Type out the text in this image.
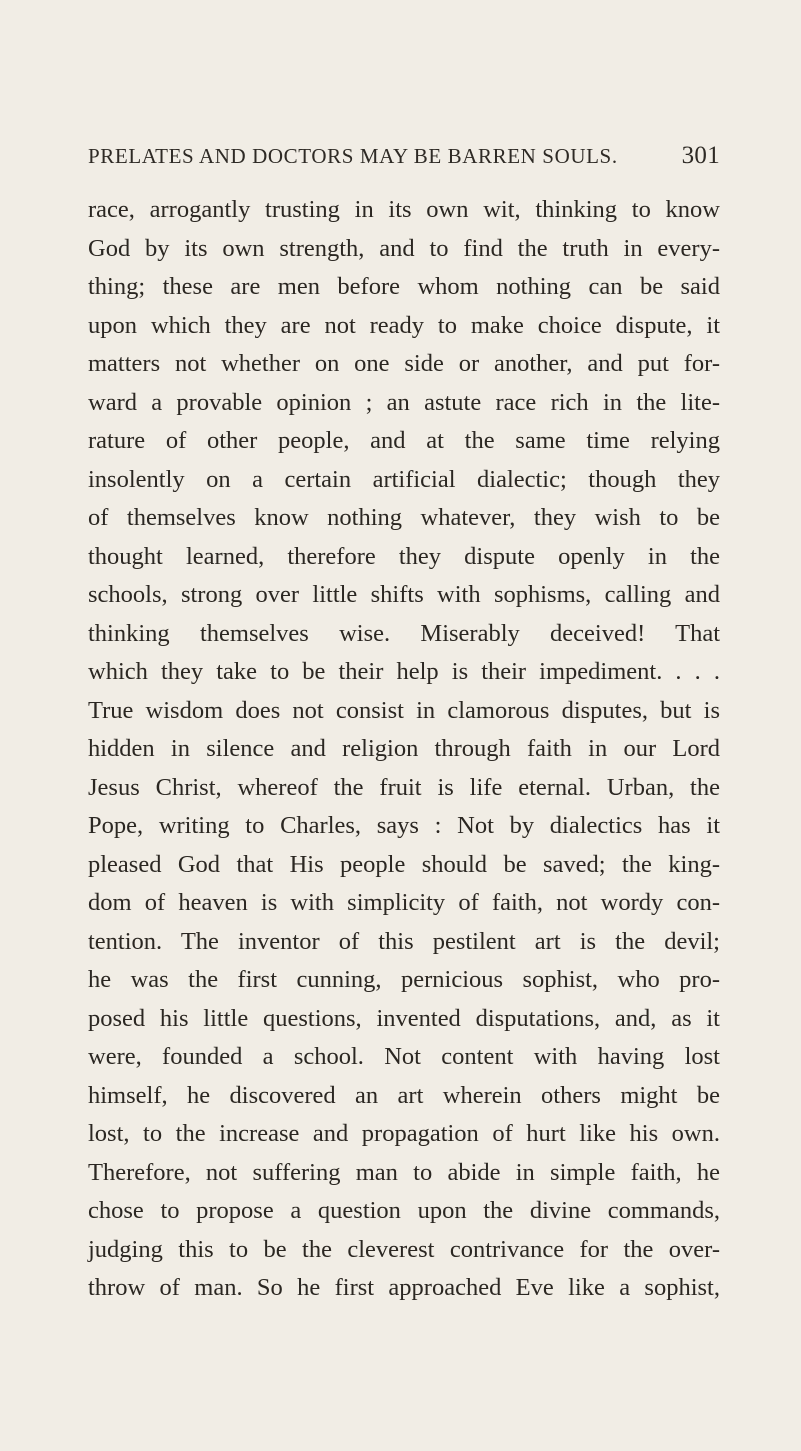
PRELATES AND DOCTORS MAY BE BARREN SOULS.	301
race, arrogantly trusting in its own wit, thinking to know
God by its own strength, and to find the truth in every-
thing; these are men before whom nothing can be said
upon which they are not ready to make choice dispute, it
matters not whether on one side or another, and put for-
ward a provable opinion ; an astute race rich in the lite-
rature of other people, and at the same time relying
insolently on a certain artificial dialectic; though they
of themselves know nothing whatever, they wish to be
thought learned, therefore they dispute openly in the
schools, strong over little shifts with sophisms, calling and
thinking themselves wise. Miserably deceived! That
which they take to be their help is their impediment. . . .
True wisdom does not consist in clamorous disputes, but is
hidden in silence and religion through faith in our Lord
Jesus Christ, whereof the fruit is life eternal. Urban, the
Pope, writing to Charles, says : Not by dialectics has it
pleased God that His people should be saved; the king-
dom of heaven is with simplicity of faith, not wordy con-
tention. The inventor of this pestilent art is the devil;
he was the first cunning, pernicious sophist, who pro-
posed his little questions, invented disputations, and, as it
were, founded a school. Not content with having lost
himself, he discovered an art wherein others might be
lost, to the increase and propagation of hurt like his own.
Therefore, not suffering man to abide in simple faith, he
chose to propose a question upon the divine commands,
judging this to be the cleverest contrivance for the over-
throw of man. So he first approached Eve like a sophist,
